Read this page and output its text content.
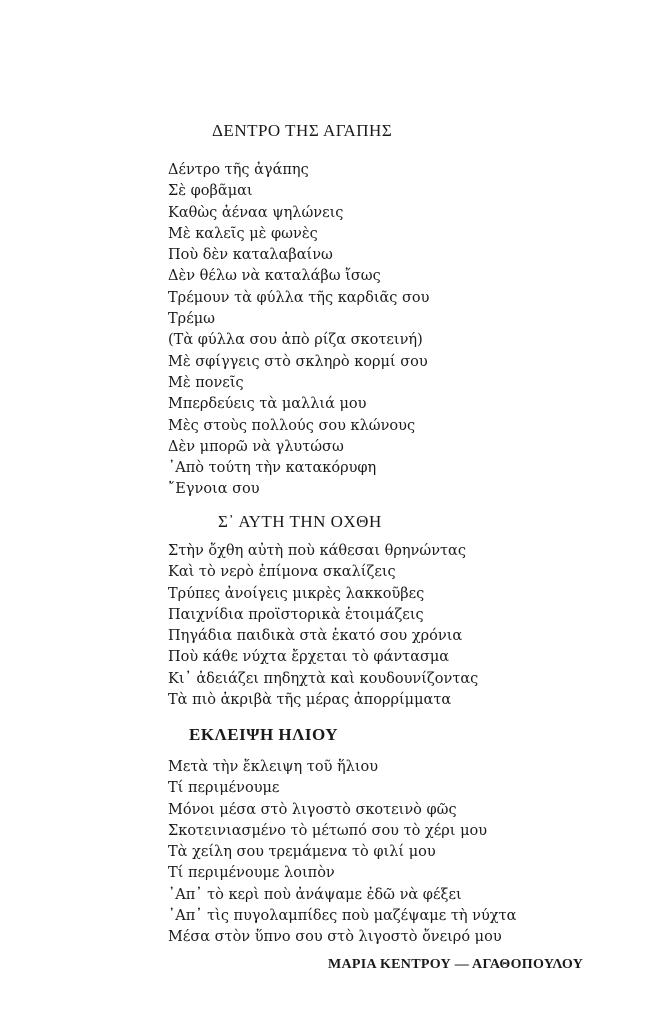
ΔΕΝΤΡΟ ΤΗΣ ΑΓΑΠΗΣ
Δέντρο τῆς ἀγάπης
Σὲ φοβᾶμαι
Καθὼς ἀέναα ψηλώνεις
Μὲ καλεῖς μὲ φωνὲς
Ποὺ δὲν καταλαβαίνω
Δὲν θέλω νὰ καταλάβω ἴσως
Τρέμουν τὰ φύλλα τῆς καρδιᾶς σου
Τρέμω
(Τὰ φύλλα σου ἀπὸ ρίζα σκοτεινή)
Μὲ σφίγγεις στὸ σκληρὸ κορμί σου
Μὲ πονεῖς
Μπερδεύεις τὰ μαλλιά μου
Μὲς στοὺς πολλούς σου κλώνους
Δὲν μπορῶ νὰ γλυτώσω
᾿Απὸ τούτη τὴν κατακόρυφη
῎Εγνοια σου
Σ᾿ ΑΥΤΗ ΤΗΝ ΟΧΘΗ
Στὴν ὄχθη αὐτὴ ποὺ κάθεσαι θρηνώντας
Καὶ τὸ νερὸ ἐπίμονα σκαλίζεις
Τρύπες ἀνοίγεις μικρὲς λακκοῦβες
Παιχνίδια προϊστορικὰ ἑτοιμάζεις
Πηγάδια παιδικὰ στὰ ἑκατό σου χρόνια
Ποὺ κάθε νύχτα ἔρχεται τὸ φάντασμα
Κι᾿ ἀδειάζει πηδηχτὰ καὶ κουδουνίζοντας
Τὰ πιὸ ἀκριβὰ τῆς μέρας ἀπορρίμματα
ΕΚΛΕΙΨΗ ΗΛΙΟΥ
Μετὰ τὴν ἔκλειψη τοῦ ἥλιου
Τί περιμένουμε
Μόνοι μέσα στὸ λιγοστὸ σκοτεινὸ φῶς
Σκοτεινιασμένο τὸ μέτωπό σου τὸ χέρι μου
Τὰ χείλη σου τρεμάμενα τὸ φιλί μου
Τί περιμένουμε λοιπὸν
᾿Απ᾿ τὸ κερὶ ποὺ ἀνάψαμε ἐδῶ νὰ φέξει
᾿Απ᾿ τὶς πυγολαμπίδες ποὺ μαζέψαμε τὴ νύχτα
Μέσα στὸν ὕπνο σου στὸ λιγοστὸ ὄνειρό μου
ΜΑΡΙΑ ΚΕΝΤΡΟΥ — ΑΓΑΘΟΠΟΥΛΟΥ
